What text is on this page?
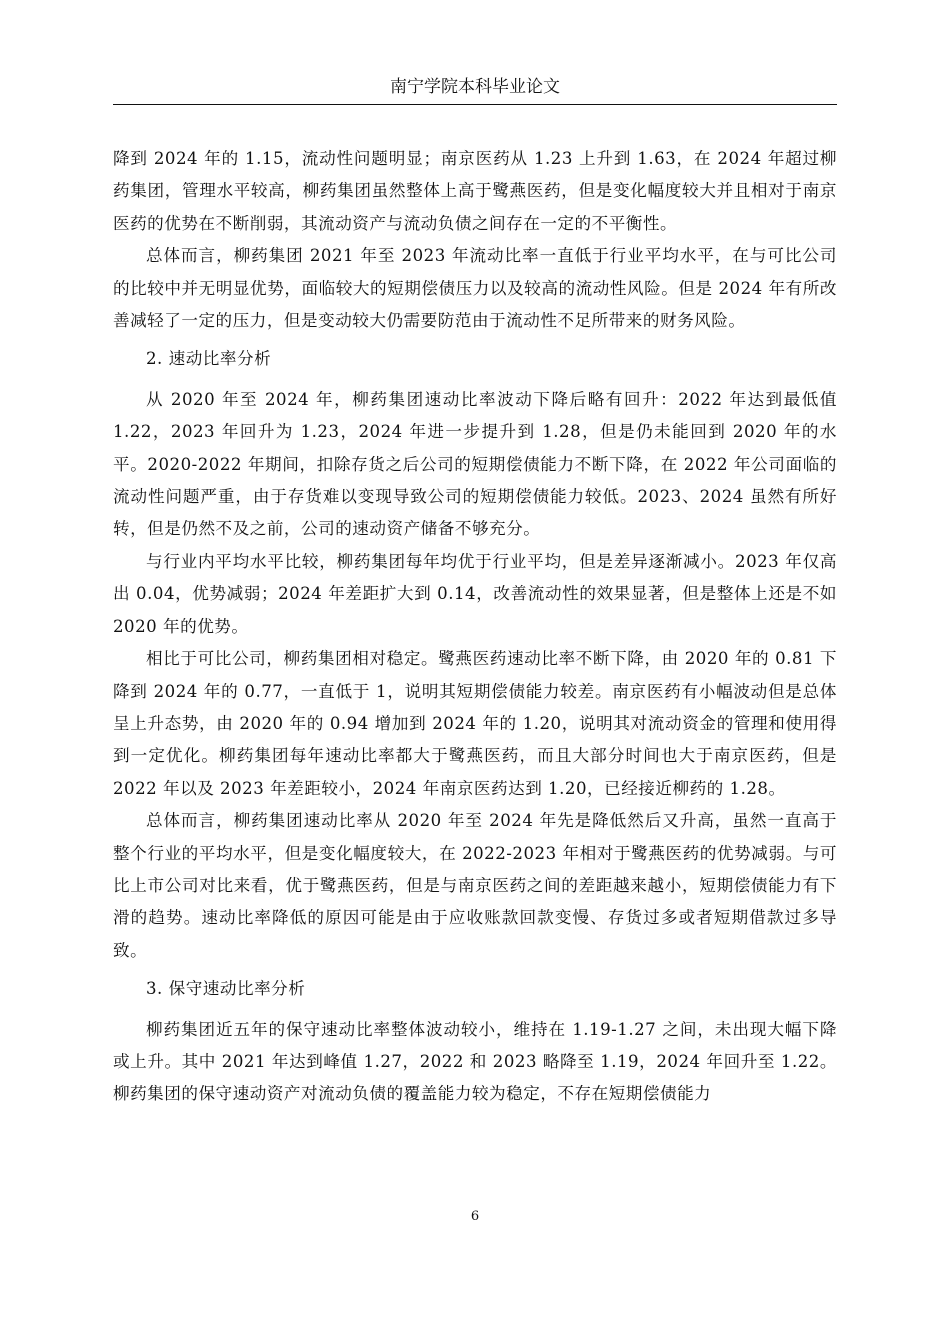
南宁学院本科毕业论文

降到 2024 年的 1.15，流动性问题明显；南京医药从 1.23 上升到 1.63，在 2024 年超过柳药集团，管理水平较高，柳药集团虽然整体上高于鹭燕医药，但是变化幅度较大并且相对于南京医药的优势在不断削弱，其流动资产与流动负债之间存在一定的不平衡性。

总体而言，柳药集团 2021 年至 2023 年流动比率一直低于行业平均水平，在与可比公司的比较中并无明显优势，面临较大的短期偿债压力以及较高的流动性风险。但是 2024 年有所改善减轻了一定的压力，但是变动较大仍需要防范由于流动性不足所带来的财务风险。

2. 速动比率分析

从 2020 年至 2024 年，柳药集团速动比率波动下降后略有回升：2022 年达到最低值 1.22，2023 年回升为 1.23，2024 年进一步提升到 1.28，但是仍未能回到 2020 年的水平。2020-2022 年期间，扣除存货之后公司的短期偿债能力不断下降，在 2022 年公司面临的流动性问题严重，由于存货难以变现导致公司的短期偿债能力较低。2023、2024 虽然有所好转，但是仍然不及之前，公司的速动资产储备不够充分。

与行业内平均水平比较，柳药集团每年均优于行业平均，但是差异逐渐减小。2023 年仅高出 0.04，优势减弱；2024 年差距扩大到 0.14，改善流动性的效果显著，但是整体上还是不如 2020 年的优势。

相比于可比公司，柳药集团相对稳定。鹭燕医药速动比率不断下降，由 2020 年的 0.81 下降到 2024 年的 0.77，一直低于 1，说明其短期偿债能力较差。南京医药有小幅波动但是总体呈上升态势，由 2020 年的 0.94 增加到 2024 年的 1.20，说明其对流动资金的管理和使用得到一定优化。柳药集团每年速动比率都大于鹭燕医药，而且大部分时间也大于南京医药，但是 2022 年以及 2023 年差距较小，2024 年南京医药达到 1.20，已经接近柳药的 1.28。

总体而言，柳药集团速动比率从 2020 年至 2024 年先是降低然后又升高，虽然一直高于整个行业的平均水平，但是变化幅度较大，在 2022-2023 年相对于鹭燕医药的优势减弱。与可比上市公司对比来看，优于鹭燕医药，但是与南京医药之间的差距越来越小，短期偿债能力有下滑的趋势。速动比率降低的原因可能是由于应收账款回款变慢、存货过多或者短期借款过多导致。

3. 保守速动比率分析

柳药集团近五年的保守速动比率整体波动较小，维持在 1.19-1.27 之间，未出现大幅下降或上升。其中 2021 年达到峰值 1.27，2022 和 2023 略降至 1.19，2024 年回升至 1.22。柳药集团的保守速动资产对流动负债的覆盖能力较为稳定，不存在短期偿债能力

6
